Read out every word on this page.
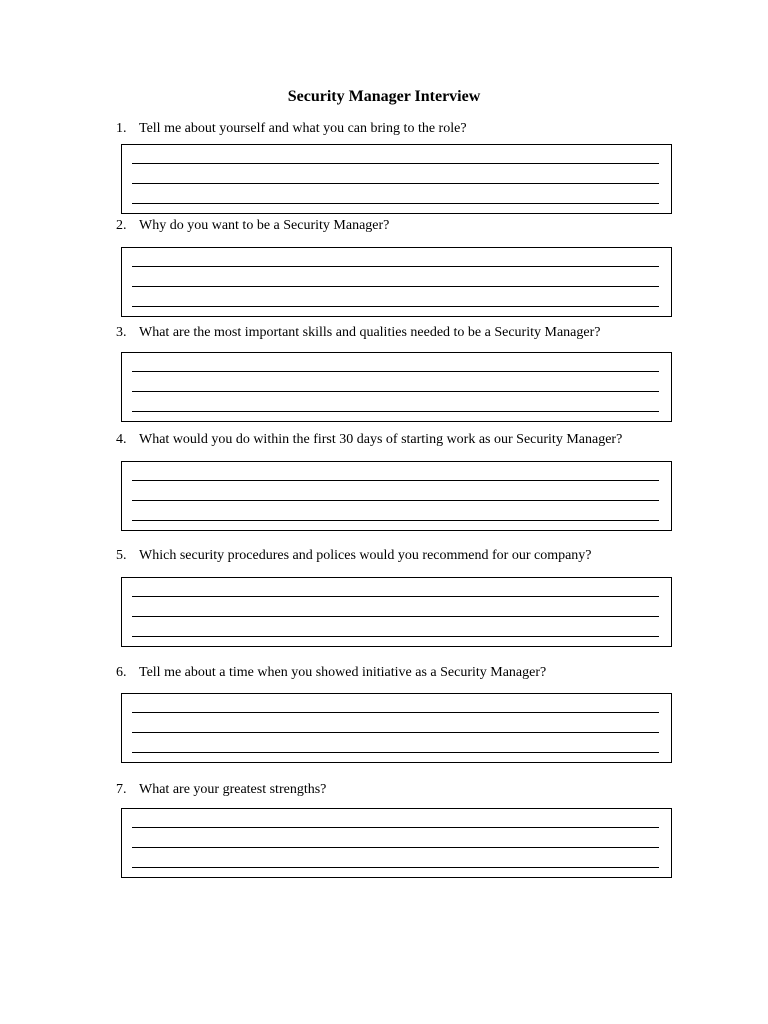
Security Manager Interview
1. Tell me about yourself and what you can bring to the role?
2. Why do you want to be a Security Manager?
3. What are the most important skills and qualities needed to be a Security Manager?
4. What would you do within the first 30 days of starting work as our Security Manager?
5. Which security procedures and polices would you recommend for our company?
6. Tell me about a time when you showed initiative as a Security Manager?
7. What are your greatest strengths?
